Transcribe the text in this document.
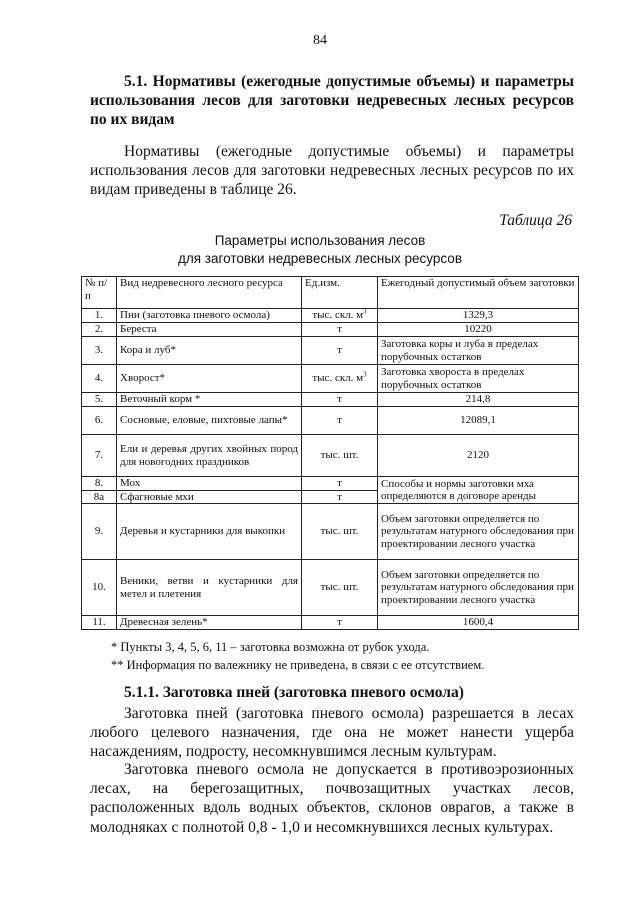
84
5.1. Нормативы (ежегодные допустимые объемы) и параметры использования лесов для заготовки недревесных лесных ресурсов по их видам
Нормативы (ежегодные допустимые объемы) и параметры использования лесов для заготовки недревесных лесных ресурсов по их видам приведены в таблице 26.
Таблица 26
Параметры использования лесов
для заготовки недревесных лесных ресурсов
№ п/п	Вид недревесного лесного ресурса	Ед.изм.	Ежегодный допустимый объем заготовки
1.	Пни (заготовка пневого осмола)	тыс. скл. $м^3$	1329,3
2.	Береста	т	10220
3.	Кора и луб*	т	Заготовка коры и луба в пределах порубочных остатков
4.	Хворост*	тыс. скл. $м^3$	Заготовка хвороста в пределах порубочных остатков
5.	Веточный корм *	т	214,8
6.	Сосновые, еловые, пихтовые лапы*	т	12089,1
7.	Ели и деревья других хвойных пород для новогодних праздников	тыс. шт.	2120
8.	Мох	т	Способы и нормы заготовки мха определяются в договоре аренды
8а	Сфагновые мхи	т	
9.	Деревья и кустарники для выкопки	тыс. шт.	Объем заготовки определяется по результатам натурного обследования при проектировании лесного участка
10.	Веники, ветви и кустарники для метел и плетения	тыс. шт.	Объем заготовки определяется по результатам натурного обследования при проектировании лесного участка
11.	Древесная зелень*	т	1600,4
* Пункты 3, 4, 5, 6, 11 – заготовка возможна от рубок ухода.
** Информация по валежнику не приведена, в связи с ее отсутствием.
5.1.1. Заготовка пней (заготовка пневого осмола)
Заготовка пней (заготовка пневого осмола) разрешается в лесах любого целевого назначения, где она не может нанести ущерба насаждениям, подросту, несомкнувшимся лесным культурам.
Заготовка пневого осмола не допускается в противоэрозионных лесах, на берегозащитных, почвозащитных участках лесов, расположенных вдоль водных объектов, склонов оврагов, а также в молодняках с полнотой 0,8 - 1,0 и несомкнувшихся лесных культурах.
